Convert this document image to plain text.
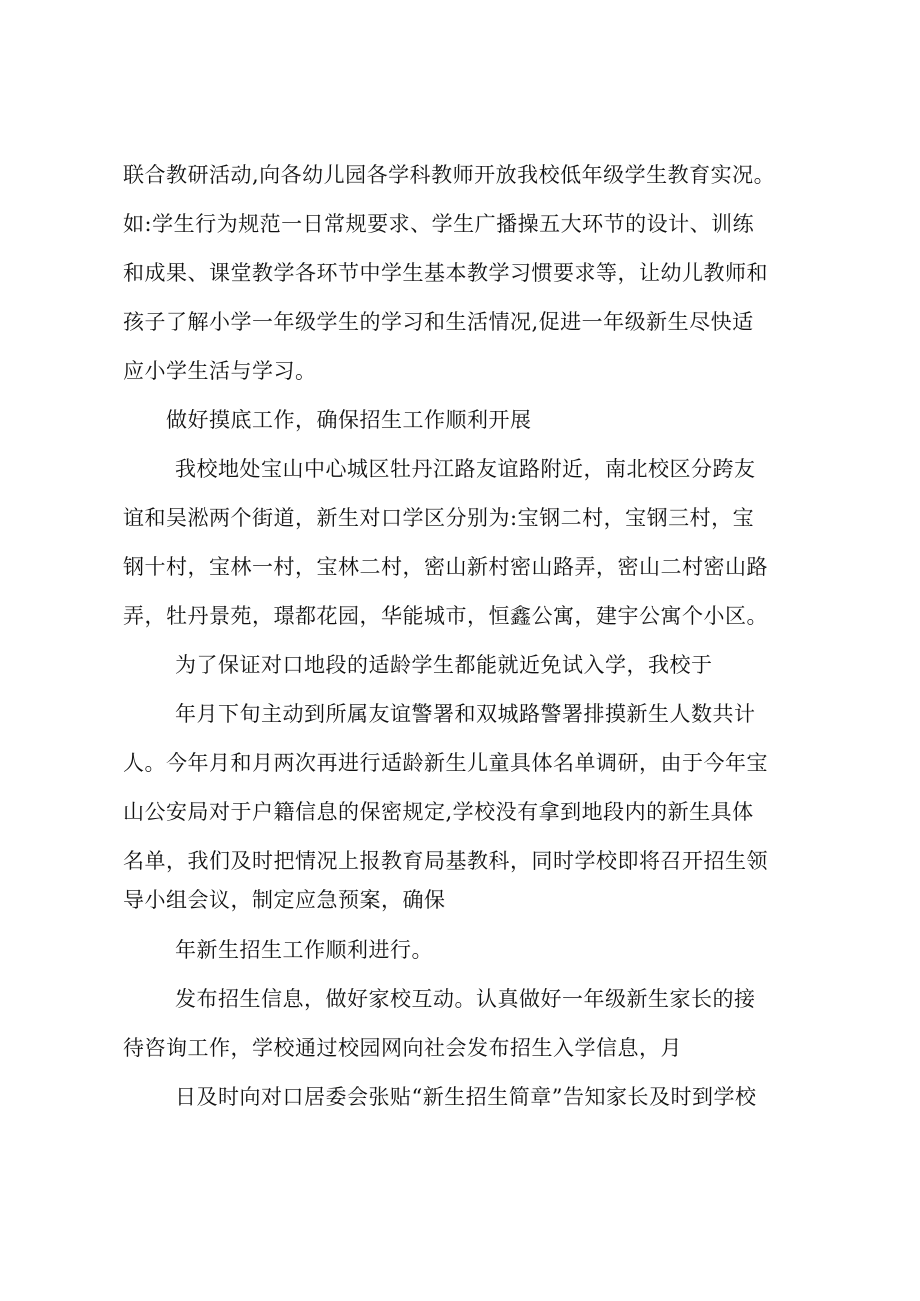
联合教研活动,向各幼儿园各学科教师开放我校低年级学生教育实况。
如:学生行为规范一日常规要求、学生广播操五大环节的设计、训练
和成果、课堂教学各环节中学生基本教学习惯要求等，让幼儿教师和
孩子了解小学一年级学生的学习和生活情况,促进一年级新生尽快适
应小学生活与学习。
做好摸底工作，确保招生工作顺利开展
我校地处宝山中心城区牡丹江路友谊路附近，南北校区分跨友
谊和吴淞两个街道，新生对口学区分别为:宝钢二村，宝钢三村，宝
钢十村，宝林一村，宝林二村，密山新村密山路弄，密山二村密山路
弄，牡丹景苑，璟都花园，华能城市，恒鑫公寓，建宇公寓个小区。
为了保证对口地段的适龄学生都能就近免试入学，我校于
年月下旬主动到所属友谊警署和双城路警署排摸新生人数共计
人。今年月和月两次再进行适龄新生儿童具体名单调研，由于今年宝
山公安局对于户籍信息的保密规定,学校没有拿到地段内的新生具体
名单，我们及时把情况上报教育局基教科，同时学校即将召开招生领
导小组会议，制定应急预案，确保
年新生招生工作顺利进行。
发布招生信息，做好家校互动。认真做好一年级新生家长的接
待咨询工作，学校通过校园网向社会发布招生入学信息，月
日及时向对口居委会张贴“新生招生简章”告知家长及时到学校
